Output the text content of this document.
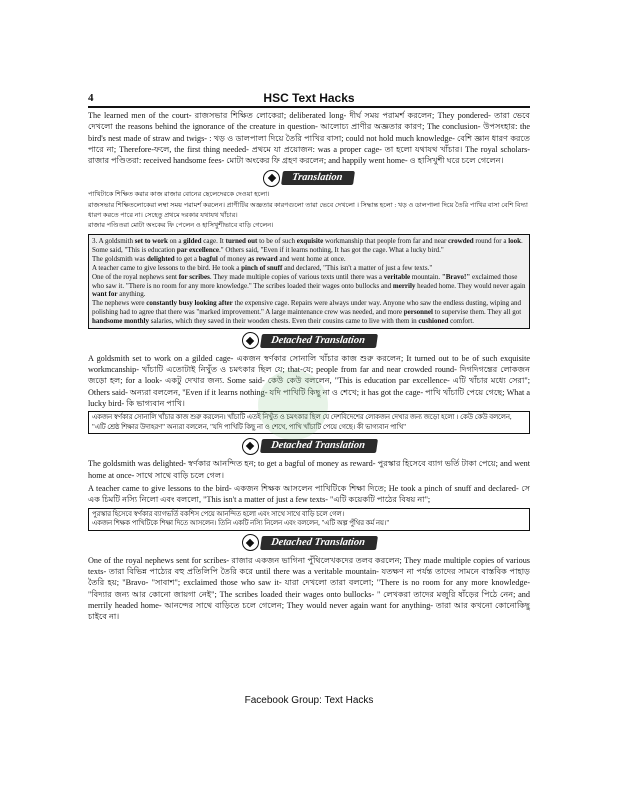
4	HSC Text Hacks

The learned men of the court- রাজসভার শিক্ষিত লোকেরা; deliberated long- দীর্ঘ সময় পরামর্শ করলেন; They pondered- তারা ভেবে দেখলো the reasons behind the ignorance of the creature in question- আলোচ্য প্রাণীর অজ্ঞতার কারণ; The conclusion- উপসংহার: the bird's nest made of straw and twigs- : খড় ও ডালপালা দিয়ে তৈরি পাখির বাসা; could not hold much knowledge- বেশি জ্ঞান ধারণ করতে পারে না; Therefore-ফলে, the first thing needed- প্রথমে যা প্রয়োজন: was a proper cage- তা হলো যথাযথ খাঁচার। The royal scholars- রাজার পণ্ডিতরা: received handsome fees- মোটা অংকের ফি গ্রহণ করলেন; and happily went home- ও হাসিখুশী ঘরে চলে গেলেন।

Translation

পাখিটাকে শিক্ষিত করার কাজ রাজার বোনের ছেলেদেরকে দেওয়া হলো।

রাজসভার শিক্ষিতলোকেরা লম্বা সময় পরামর্শ করলেন। প্রাণীটির অজ্ঞতার কারণগুলো তারা ভেবে দেখলো । সিদ্ধান্ত হলো : খড় ও ডালপালা দিয়ে তৈরি পাখির বাসা বেশি বিদ্যা ধারণ করতে পারে না। সেহেতু প্রথমে দরকার যথাযথ খাঁচার।

রাজার পণ্ডিতরা মোটা অংকের ফি পেলেন ও হাসিখুশীভাবে বাড়ি গেলেন।

3. A goldsmith set to work on a gilded cage. It turned out to be of such exquisite workmanship that people from far and near crowded round for a look. Some said, "This is education par excellence." Others said, "Even if it learns nothing, It has got the cage. What a lucky bird."

The goldsmith was delighted to get a bagful of money as reward and went home at once.

A teacher came to give lessons to the bird. He took a pinch of snuff and declared, "This isn't a matter of just a few texts."

One of the royal nephews sent for scribes. They made multiple copies of various texts until there was a veritable mountain. "Bravo!" exclaimed those who saw it. "There is no room for any more knowledge." The scribes loaded their wages onto bullocks and merrily headed home. They would never again want for anything.

The nephews were constantly busy looking after the expensive cage. Repairs were always under way. Anyone who saw the endless dusting, wiping and polishing had to agree that there was "marked improvement." A large maintenance crew was needed, and more personnel to supervise them. They all got handsome monthly salaries, which they saved in their wooden chests. Even their cousins came to live with them in cushioned comfort.

Detached Translation

A goldsmith set to work on a gilded cage- একজন স্বর্ণকার সোনালি খাঁচার কাজ শুরু করলেন; It turned out to be of such exquisite workmcanship- খাঁচাটি এতোটাই নিখুঁত ও চমৎকার ছিল যে; that-যে; people from far and near crowded round- দিগদিগন্তের লোকজন জড়ো হল; for a look- একটু দেখার জন্য. Some said- কেউ কেউ বললেন, "This is education par excellence- এটি খাঁচার মধ্যে সেরা"; Others said- অন্যরা বললেন, "Even if it learns nothing- যদি পাখিটি কিছু না ও শেখে; it has got the cage- পাখি খাঁচাটি পেয়ে গেছে; What a lucky bird- কি ভাগ্যবান পাখি।

একজন স্বর্ণকার সোনালি খাঁচার কাজ শুরু করলেন। খাঁচাটি এতই নিখুঁত ও চমৎকার ছিল যে দেশবিদেশের লোকজন দেখার জন্য জড়ো হলো । কেউ কেউ বললেন, "এটি শ্রেষ্ঠ শিক্ষার উদাহরণ" অন্যরা বললেন, "যদি পাখিটি কিছু না ও শেখে, পাখি খাঁচাটি পেয়ে গেছে। কী ভাগ্যবান পাখি"

Detached Translation

The goldsmith was delighted- স্বর্ণকার আনন্দিত হন; to get a bagful of money as reward- পুরস্কার হিসেবে ব্যাগ ভর্তি টাকা পেয়ে; and went home at once- সাথে সাথে বাড়ি চলে গেল।

A teacher came to give lessons to the bird- একজন শিক্ষক আসলেন পাখিটিকে শিক্ষা দিতে; He took a pinch of snuff and declared- সে এক চিমটি নস্যি নিলো এবং বললো, "This isn't a matter of just a few texts- "এটি কয়েকটি পাঠের বিষয় না";

পুরস্কার হিসেবে স্বর্ণকার ব্যাগভর্তি বকশিস পেয়ে আনন্দিত হলো এবং সাথে সাথে বাড়ি চলে গেল।

একজন শিক্ষক পাখিটিকে শিক্ষা দিতে আসলেন। তিনি একটি নস্যি নিলেন এবং বললেন, "এটি অল্প পুঁথির কর্ম নয়।"

Detached Translation

One of the royal nephews sent for scribes- রাজার একজন ভাগিনা পুঁথিলেখকদের তলব করলেন; They made multiple copies of various texts- তারা বিভিন্ন পাঠ্যের বহু প্রতিলিপি তৈরি করে until there was a veritable mountain- যতক্ষণ না পর্যন্ত তাদের সামনে বাস্তবিক পাহাড় তৈরি হয়; "Bravo- "সাবাশ"; exclaimed those who saw it- যারা দেখলো তারা বললো; "There is no room for any more knowledge- "বিদ্যার জন্য আর কোনো জায়গা নেই"; The scribes loaded their wages onto bullocks- " লেখকরা তাদের মজুরি ষাঁড়ের পিঠে নেন; and merrily headed home- আনন্দের সাথে বাড়িতে চলে গেলেন; They would never again want for anything- তারা আর কখনো কোনোকিছু চাইবে না।

Facebook Group: Text Hacks
